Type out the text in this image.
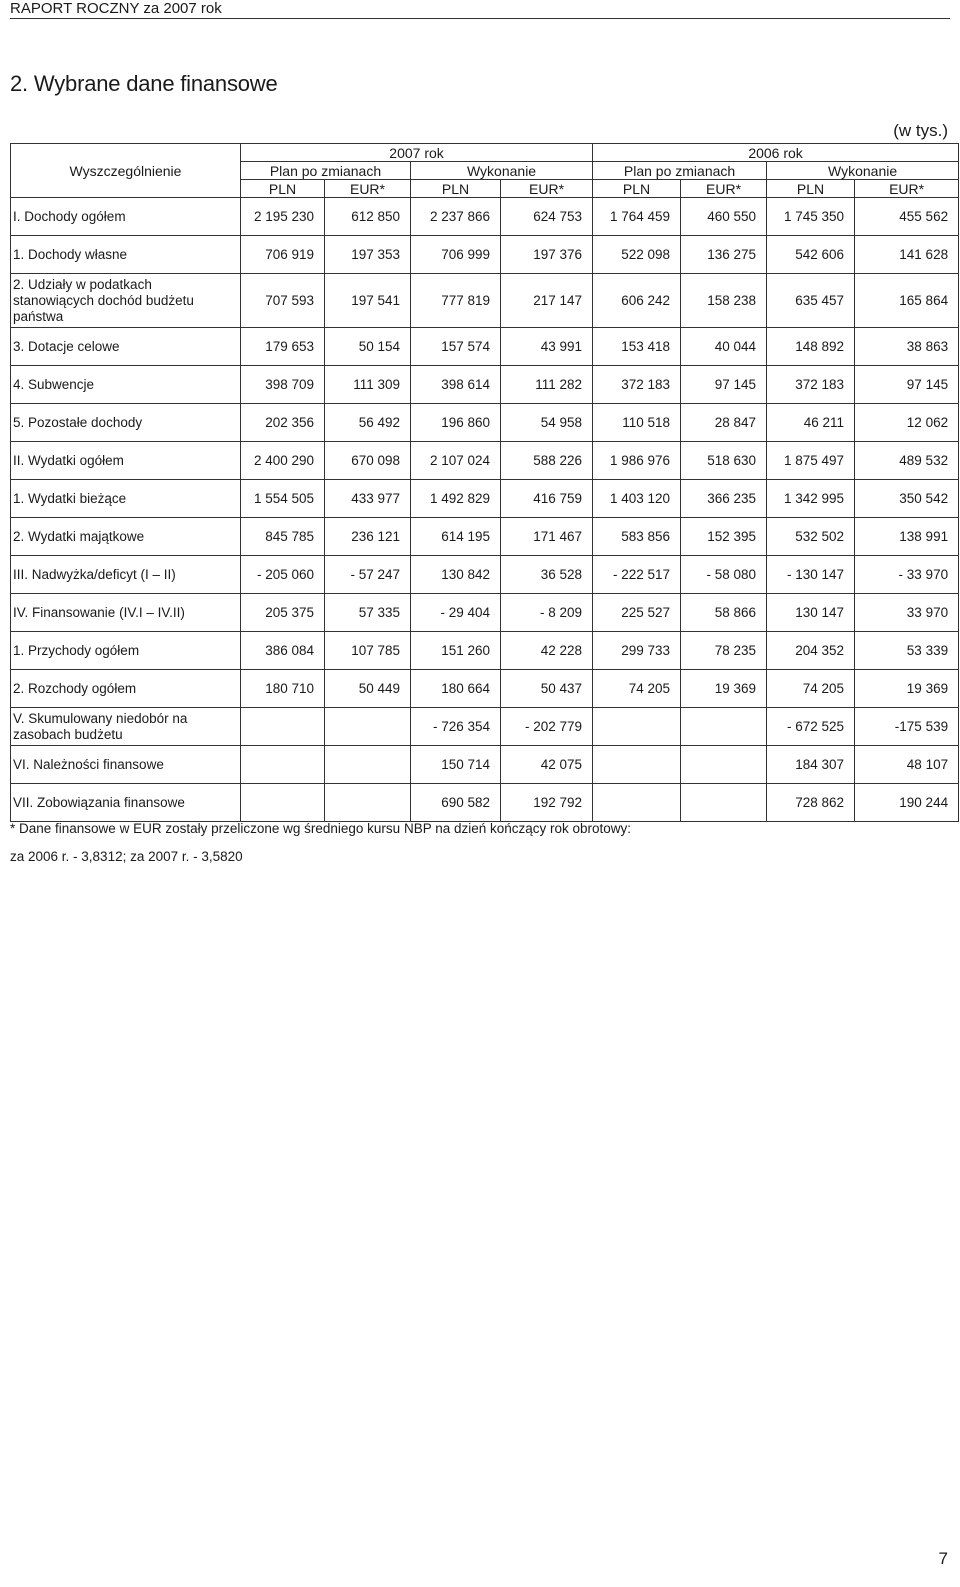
RAPORT ROCZNY za 2007 rok
2. Wybrane dane finansowe
(w tys.)
Wyszczególnienie	2007 rok				2006 rok			
	Plan po zmianach		Wykonanie		Plan po zmianach		Wykonanie	
	PLN	EUR*	PLN	EUR*	PLN	EUR*	PLN	EUR*
I. Dochody ogółem	2 195 230	612 850	2 237 866	624 753	1 764 459	460 550	1 745 350	455 562
1. Dochody własne	706 919	197 353	706 999	197 376	522 098	136 275	542 606	141 628
2. Udziały w podatkach stanowiących dochód budżetu państwa	707 593	197 541	777 819	217 147	606 242	158 238	635 457	165 864
3. Dotacje celowe	179 653	50 154	157 574	43 991	153 418	40 044	148 892	38 863
4. Subwencje	398 709	111 309	398 614	111 282	372 183	97 145	372 183	97 145
5. Pozostałe dochody	202 356	56 492	196 860	54 958	110 518	28 847	46 211	12 062
II. Wydatki ogółem	2 400 290	670 098	2 107 024	588 226	1 986 976	518 630	1 875 497	489 532
1. Wydatki bieżące	1 554 505	433 977	1 492 829	416 759	1 403 120	366 235	1 342 995	350 542
2. Wydatki majątkowe	845 785	236 121	614 195	171 467	583 856	152 395	532 502	138 991
III. Nadwyżka/deficyt (I – II)	- 205 060	- 57 247	130 842	36 528	- 222 517	- 58 080	- 130 147	- 33 970
IV. Finansowanie (IV.I – IV.II)	205 375	57 335	- 29 404	- 8 209	225 527	58 866	130 147	33 970
1. Przychody ogółem	386 084	107 785	151 260	42 228	299 733	78 235	204 352	53 339
2. Rozchody ogółem	180 710	50 449	180 664	50 437	74 205	19 369	74 205	19 369
V. Skumulowany niedobór na zasobach budżetu			- 726 354	- 202 779			- 672 525	-175 539
VI. Należności finansowe			150 714	42 075			184 307	48 107
VII. Zobowiązania finansowe			690 582	192 792			728 862	190 244
* Dane finansowe w EUR zostały przeliczone wg średniego kursu NBP na dzień kończący rok obrotowy:
za 2006 r. - 3,8312; za 2007 r. - 3,5820
7
